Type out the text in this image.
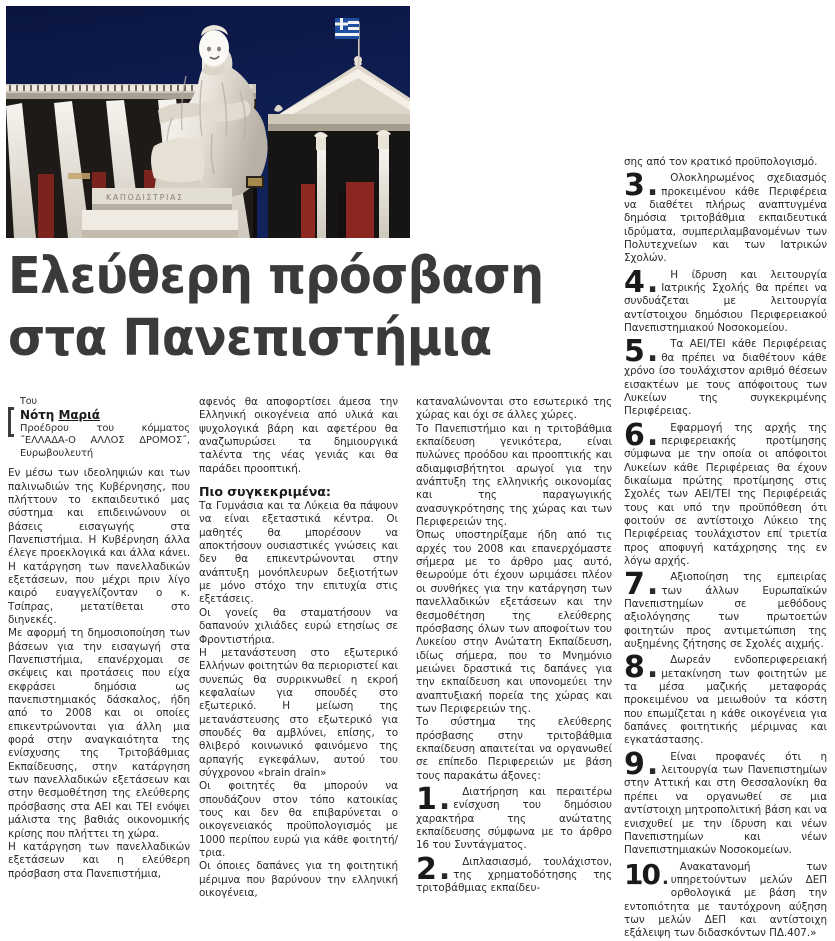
ΚΑΠΟΔΙΣΤΡΙΑΣ
Ελεύθερη πρόσβαση
στα Πανεπιστήμια
Του
Νότη Μαριά
Προέδρου του κόμματος ˝ΕΛΛΑΔΑ-Ο ΑΛΛΟΣ ΔΡΟΜΟΣ˝, Ευρωβουλευτή

Εν μέσω των ιδεοληψιών και των παλινωδιών της Κυβέρνησης, που πλήττουν το εκπαιδευτικό μας σύστημα και επιδεινώνουν οι βάσεις εισαγωγής στα Πανεπιστήμια. Η Κυβέρνηση άλλα έλεγε προεκλογικά και άλλα κάνει. Η κατάργηση των πανελλαδικών εξετάσεων, που μέχρι πριν λίγο καιρό ευαγγελίζονταν ο κ. Τσίπρας, μετατίθεται στο διηνεκές.

Με αφορμή τη δημοσιοποίηση των βάσεων για την εισαγωγή στα Πανεπιστήμια, επανέρχομαι σε σκέψεις και προτάσεις που είχα εκφράσει δημόσια ως πανεπιστημιακός δάσκαλος, ήδη από το 2008 και οι οποίες επικεντρώνονται για άλλη μια φορά στην αναγκαιότητα της ενίσχυσης της Τριτοβάθμιας Εκπαίδευσης, στην κατάργηση των πανελλαδικών εξετάσεων και στην θεσμοθέτηση της ελεύθερης πρόσβασης στα ΑΕΙ και ΤΕΙ ενόψει μάλιστα της βαθιάς οικονομικής κρίσης που πλήττει τη χώρα.

Η κατάργηση των πανελλαδικών εξετάσεων και η ελεύθερη πρόσβαση στα Πανεπιστήμια,

αφενός θα αποφορτίσει άμεσα την Ελληνική οικογένεια από υλικά και ψυχολογικά βάρη και αφετέρου θα αναζωπυρώσει τα δημιουργικά ταλέντα της νέας γενιάς και θα παράδει προοπτική.

Πιο συγκεκριμένα:

Τα Γυμνάσια και τα Λύκεια θα πάψουν να είναι εξεταστικά κέντρα. Οι μαθητές θα μπορέσουν να αποκτήσουν ουσιαστικές γνώσεις και δεν θα επικεντρώνονται στην ανάπτυξη μονόπλευρων δεξιοτήτων με μόνο στόχο την επιτυχία στις εξετάσεις.

Οι γονείς θα σταματήσουν να δαπανούν χιλιάδες ευρώ ετησίως σε Φροντιστήρια.

Η μετανάστευση στο εξωτερικό Ελλήνων φοιτητών θα περιοριστεί και συνεπώς θα συρρικνωθεί η εκροή κεφαλαίων για σπουδές στο εξωτερικό. Η μείωση της μετανάστευσης στο εξωτερικό για σπουδές θα αμβλύνει, επίσης, το θλιβερό κοινωνικό φαινόμενο της αρπαγής εγκεφάλων, αυτού του σύγχρονου «brain drain»

Οι φοιτητές θα μπορούν να σπουδάζουν στον τόπο κατοικίας τους και δεν θα επιβαρύνεται ο οικογενειακός προϋπολογισμός με 1000 περίπου ευρώ για κάθε φοιτητή/τρια.

Οι όποιες δαπάνες για τη φοιτητική μέριμνα που βαρύνουν την ελληνική οικογένεια,

καταναλώνονται στο εσωτερικό της χώρας και όχι σε άλλες χώρες.

Το Πανεπιστήμιο και η τριτοβάθμια εκπαίδευση γενικότερα, είναι πυλώνες προόδου και προοπτικής και αδιαμφισβήτητοι αρωγοί για την ανάπτυξη της ελληνικής οικονομίας και της παραγωγικής ανασυγκρότησης της χώρας και των Περιφερειών της.

Όπως υποστηρίξαμε ήδη από τις αρχές του 2008 και επανερχόμαστε σήμερα με το άρθρο μας αυτό, θεωρούμε ότι έχουν ωριμάσει πλέον οι συνθήκες για την κατάργηση των πανελλαδικών εξετάσεων και την θεσμοθέτηση της ελεύθερης πρόσβασης όλων των αποφοίτων του Λυκείου στην Ανώτατη Εκπαίδευση, ιδίως σήμερα, που το Μνημόνιο μειώνει δραστικά τις δαπάνες για την εκπαίδευση και υπονομεύει την αναπτυξιακή πορεία της χώρας και των Περιφερειών της.

Το σύστημα της ελεύθερης πρόσβασης στην τριτοβάθμια εκπαίδευση απαιτείται να οργανωθεί σε επίπεδο Περιφερειών με βάση τους παρακάτω άξονες:

1 .	Διατήρηση και περαιτέρω ενίσχυση του δημόσιου χαρακτήρα της ανώτατης εκπαίδευσης σύμφωνα με το άρθρο 16 του Συντάγματος.
2 .	Διπλασιασμό, τουλάχιστον, της χρηματοδότησης της τριτοβάθμιας εκπαίδευ-

σης από τον κρατικό προϋπολογισμό.

3 .	Ολοκληρωμένος σχεδιασμός προκειμένου κάθε Περιφέρεια να διαθέτει πλήρως αναπτυγμένα δημόσια τριτοβάθμια εκπαιδευτικά ιδρύματα, συμπεριλαμβανομένων των Πολυτεχνείων και των Ιατρικών Σχολών.
4 .	Η ίδρυση και λειτουργία Ιατρικής Σχολής θα πρέπει να συνδυάζεται με λειτουργία αντίστοιχου δημόσιου Περιφερειακού Πανεπιστημιακού Νοσοκομείου.
5 .	Τα ΑΕΙ/ΤΕΙ κάθε Περιφέρειας θα πρέπει να διαθέτουν κάθε χρόνο ίσο τουλάχιστον αριθμό θέσεων εισακτέων με τους απόφοιτους των Λυκείων της συγκεκριμένης Περιφέρειας.
6 .	Εφαρμογή της αρχής της περιφερειακής προτίμησης σύμφωνα με την οποία οι απόφοιτοι Λυκείων κάθε Περιφέρειας θα έχουν δικαίωμα πρώτης προτίμησης στις Σχολές των ΑΕΙ/ΤΕΙ της Περιφέρειάς τους και υπό την προϋπόθεση ότι φοιτούν σε αντίστοιχο Λύκειο της Περιφέρειας τουλάχιστον επί τριετία προς αποφυγή κατάχρησης της εν λόγω αρχής.
7 .	Αξιοποίηση της εμπειρίας των άλλων Ευρωπαϊκών Πανεπιστημίων σε μεθόδους αξιολόγησης των πρωτοετών φοιτητών προς αντιμετώπιση της αυξημένης ζήτησης σε Σχολές αιχμής.
8 .	Δωρεάν ενδοπεριφερειακή μετακίνηση των φοιτητών με τα μέσα μαζικής μεταφοράς προκειμένου να μειωθούν τα κόστη που επωμίζεται η κάθε οικογένεια για δαπάνες φοιτητικής μέριμνας και εγκατάστασης.
9 .	Είναι προφανές ότι η λειτουργία των Πανεπιστημίων στην Αττική και στη Θεσσαλονίκη θα πρέπει να οργανωθεί σε μια αντίστοιχη μητροπολιτική βάση και να ενισχυθεί με την ίδρυση και νέων Πανεπιστημίων και νέων Πανεπιστημιακών Νοσοκομείων.
10 .
Ανακατανομή των υπηρετούντων μελών ΔΕΠ ορθολογικά με βάση την εντοπιότητα με ταυτόχρονη αύξηση των μελών ΔΕΠ και αντίστοιχη εξάλειψη των διδασκόντων ΠΔ.407.»
